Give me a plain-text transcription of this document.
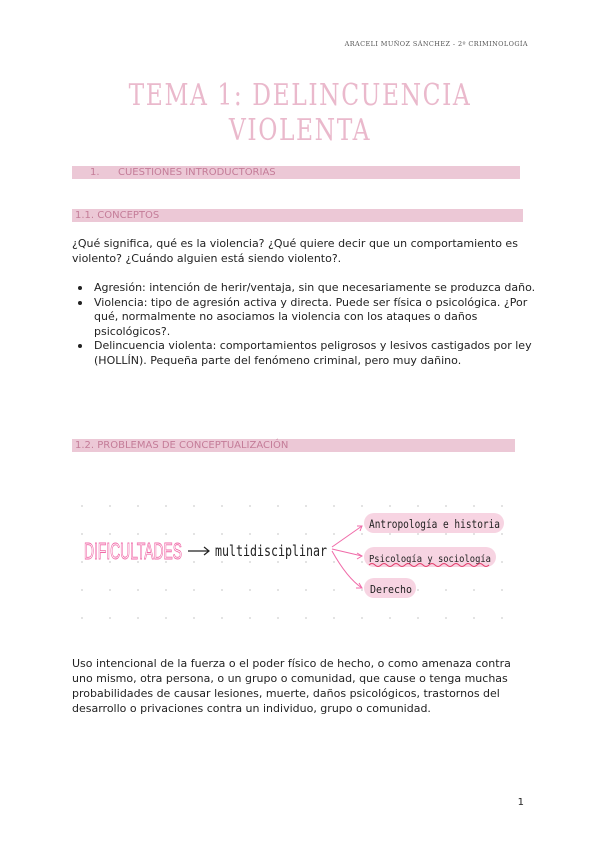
ARACELI MUÑOZ SÁNCHEZ - 2º CRIMINOLOGÍA
TEMA 1: DELINCUENCIA VIOLENTA
1. CUESTIONES INTRODUCTORIAS
1.1. CONCEPTOS
¿Qué significa, qué es la violencia? ¿Qué quiere decir que un comportamiento es violento? ¿Cuándo alguien está siendo violento?.
Agresión: intención de herir/ventaja, sin que necesariamente se produzca daño.
Violencia: tipo de agresión activa y directa. Puede ser física o psicológica. ¿Por qué, normalmente no asociamos la violencia con los ataques o daños psicológicos?.
Delincuencia violenta: comportamientos peligrosos y lesivos castigados por ley (HOLLÍN). Pequeña parte del fenómeno criminal, pero muy dañino.
1.2. PROBLEMAS DE CONCEPTUALIZACIÓN
DIFICULTADES multidisciplinar
Antropología e historia
Psicología y sociología
Derecho
Uso intencional de la fuerza o el poder físico de hecho, o como amenaza contra uno mismo, otra persona, o un grupo o comunidad, que cause o tenga muchas probabilidades de causar lesiones, muerte, daños psicológicos, trastornos del desarrollo o privaciones contra un individuo, grupo o comunidad.
1
